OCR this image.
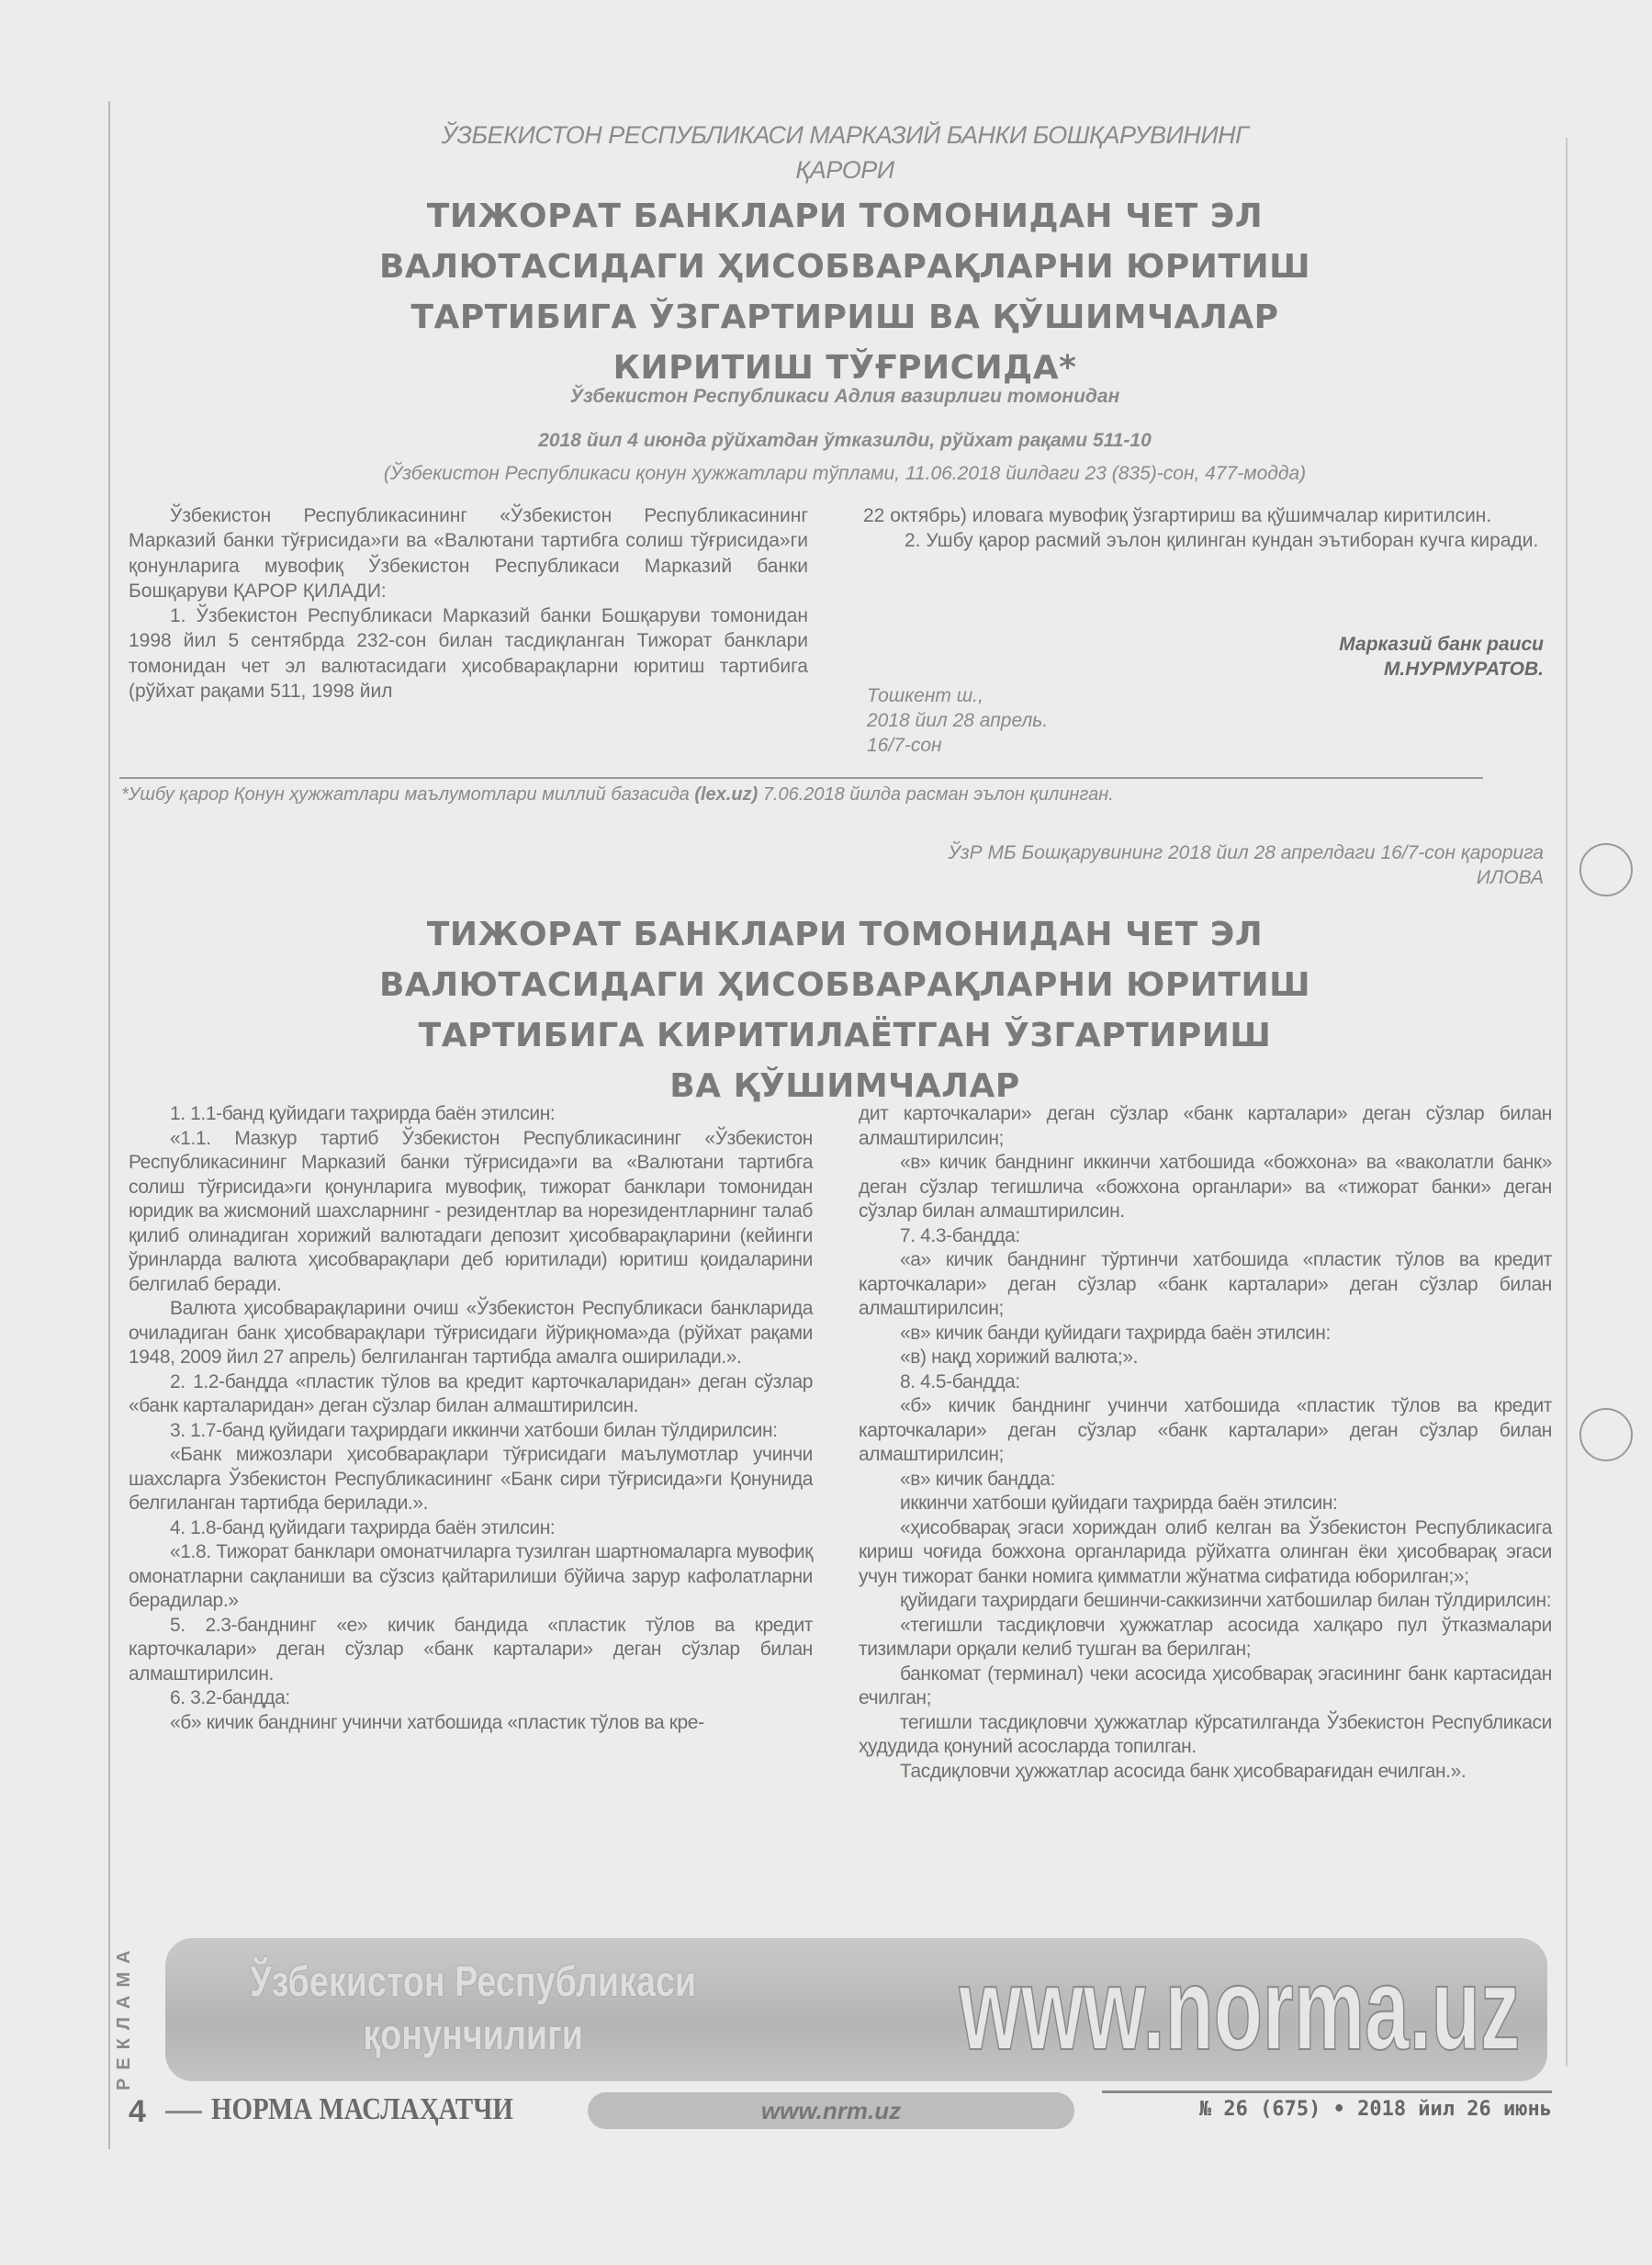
ЎЗБЕКИСТОН РЕСПУБЛИКАСИ МАРКАЗИЙ БАНКИ БОШҚАРУВИНИНГ
ҚАРОРИ
ТИЖОРАТ БАНКЛАРИ ТОМОНИДАН ЧЕТ ЭЛ
ВАЛЮТАСИДАГИ ҲИСОБВАРАҚЛАРНИ ЮРИТИШ
ТАРТИБИГА ЎЗГАРТИРИШ ВА ҚЎШИМЧАЛАР
КИРИТИШ ТЎҒРИСИДА*
Ўзбекистон Республикаси Адлия вазирлиги томонидан
2018 йил 4 июнда рўйхатдан ўтказилди, рўйхат рақами 511-10
(Ўзбекистон Республикаси қонун ҳужжатлари тўплами, 11.06.2018 йилдаги 23 (835)-сон, 477-модда)

Ўзбекистон Республикасининг «Ўзбекистон Республикасининг Марказий банки тўғрисида»ги ва «Валютани тартибга солиш тўғрисида»ги қонунларига мувофиқ Ўзбекистон Республикаси Марказий банки Бошқаруви ҚАРОР ҚИЛАДИ:

1. Ўзбекистон Республикаси Марказий банки Бошқаруви томонидан 1998 йил 5 сентябрда 232-сон билан тасдиқланган Тижорат банклари томонидан чет эл валютасидаги ҳисобварақларни юритиш тартибига (рўйхат рақами 511, 1998 йил

22 октябрь) иловага мувофиқ ўзгартириш ва қўшимчалар киритилсин.

2. Ушбу қарор расмий эълон қилинган кундан эътиборан кучга киради.

Марказий банк раиси
М.НУРМУРАТОВ.
Тошкент ш.,
2018 йил 28 апрель.
16/7-сон
*Ушбу қарор Қонун ҳужжатлари маълумотлари миллий базасида (lex.uz) 7.06.2018 йилда расман эълон қилинган.
ЎзР МБ Бошқарувининг 2018 йил 28 апрелдаги 16/7-сон қарорига
ИЛОВА
ТИЖОРАТ БАНКЛАРИ ТОМОНИДАН ЧЕТ ЭЛ
ВАЛЮТАСИДАГИ ҲИСОБВАРАҚЛАРНИ ЮРИТИШ
ТАРТИБИГА КИРИТИЛАЁТГАН ЎЗГАРТИРИШ
ВА ҚЎШИМЧАЛАР

1. 1.1-банд қуйидаги таҳрирда баён этилсин:

«1.1. Мазкур тартиб Ўзбекистон Республикасининг «Ўзбекистон Республикасининг Марказий банки тўғрисида»ги ва «Валютани тартибга солиш тўғрисида»ги қонунларига мувофиқ, тижорат банклари томонидан юридик ва жисмоний шахсларнинг - резидентлар ва норезидентларнинг талаб қилиб олинадиган хорижий валютадаги депозит ҳисобварақларини (кейинги ўринларда валюта ҳисобварақлари деб юритилади) юритиш қоидаларини белгилаб беради.

Валюта ҳисобварақларини очиш «Ўзбекистон Республикаси банкларида очиладиган банк ҳисобварақлари тўғрисидаги йўриқнома»да (рўйхат рақами 1948, 2009 йил 27 апрель) белгиланган тартибда амалга оширилади.».

2. 1.2-бандда «пластик тўлов ва кредит карточкаларидан» деган сўзлар «банк карталаридан» деган сўзлар билан алмаштирилсин.

3. 1.7-банд қуйидаги таҳрирдаги иккинчи хатбоши билан тўлдирилсин:

«Банк мижозлари ҳисобварақлари тўғрисидаги маълумотлар учинчи шахсларга Ўзбекистон Республикасининг «Банк сири тўғрисида»ги Қонунида белгиланган тартибда берилади.».

4. 1.8-банд қуйидаги таҳрирда баён этилсин:

«1.8. Тижорат банклари омонатчиларга тузилган шартномаларга мувофиқ омонатларни сақланиши ва сўзсиз қайтарилиши бўйича зарур кафолатларни берадилар.»

5. 2.3-банднинг «е» кичик бандида «пластик тўлов ва кредит карточкалари» деган сўзлар «банк карталари» деган сўзлар билан алмаштирилсин.

6. 3.2-бандда:

«б» кичик банднинг учинчи хатбошида «пластик тўлов ва кре-

дит карточкалари» деган сўзлар «банк карталари» деган сўзлар билан алмаштирилсин;

«в» кичик банднинг иккинчи хатбошида «божхона» ва «ваколатли банк» деган сўзлар тегишлича «божхона органлари» ва «тижорат банки» деган сўзлар билан алмаштирилсин.

7. 4.3-бандда:

«а» кичик банднинг тўртинчи хатбошида «пластик тўлов ва кредит карточкалари» деган сўзлар «банк карталари» деган сўзлар билан алмаштирилсин;

«в» кичик банди қуйидаги таҳрирда баён этилсин:

«в) нақд хорижий валюта;».

8. 4.5-бандда:

«б» кичик банднинг учинчи хатбошида «пластик тўлов ва кредит карточкалари» деган сўзлар «банк карталари» деган сўзлар билан алмаштирилсин;

«в» кичик бандда:

иккинчи хатбоши қуйидаги таҳрирда баён этилсин:

«ҳисобварақ эгаси хориждан олиб келган ва Ўзбекистон Республикасига кириш чоғида божхона органларида рўйхатга олинган ёки ҳисобварақ эгаси учун тижорат банки номига қимматли жўнатма сифатида юборилган;»;

қуйидаги таҳрирдаги бешинчи-саккизинчи хатбошилар билан тўлдирилсин:

«тегишли тасдиқловчи ҳужжатлар асосида халқаро пул ўтказмалари тизимлари орқали келиб тушган ва берилган;

банкомат (терминал) чеки асосида ҳисобварақ эгасининг банк картасидан ечилган;

тегишли тасдиқловчи ҳужжатлар кўрсатилганда Ўзбекистон Республикаси ҳудудида қонуний асосларда топилган.

Тасдиқловчи ҳужжатлар асосида банк ҳисобварағидан ечилган.».

РЕКЛАМА	Ўзбекистон Республикаси
қонунчилиги	www.norma.uz
4 НОРМА МАСЛАҲАТЧИ	www.nrm.uz	№ 26 (675) • 2018 йил 26 июнь
